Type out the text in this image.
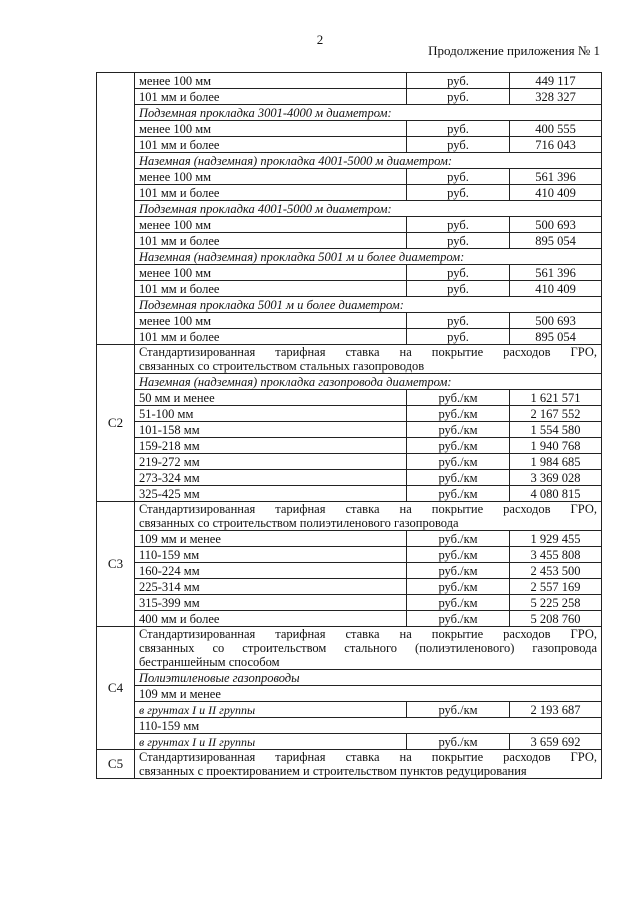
2
Продолжение приложения № 1
	менее 100 мм	руб.	449 117
	101 мм и более	руб.	328 327
	Подземная прокладка 3001-4000 м диаметром:		
	менее 100 мм	руб.	400 555
	101 мм и более	руб.	716 043
	Наземная (надземная) прокладка 4001-5000 м диаметром:		
	менее 100 мм	руб.	561 396
	101 мм и более	руб.	410 409
	Подземная прокладка 4001-5000 м диаметром:		
	менее 100 мм	руб.	500 693
	101 мм и более	руб.	895 054
	Наземная (надземная) прокладка 5001 м и более диаметром:		
	менее 100 мм	руб.	561 396
	101 мм и более	руб.	410 409
	Подземная прокладка 5001 м и более диаметром:		
	менее 100 мм	руб.	500 693
	101 мм и более	руб.	895 054
С2	Стандартизированная тарифная ставка на покрытие расходов ГРО,
связанных со строительством стальных газопроводов		

	Наземная (надземная) прокладка газопровода диаметром:		
	50 мм и менее	руб./км	1 621 571
	51-100 мм	руб./км	2 167 552
	101-158 мм	руб./км	1 554 580
	159-218 мм	руб./км	1 940 768
	219-272 мм	руб./км	1 984 685
	273-324 мм	руб./км	3 369 028
	325-425 мм	руб./км	4 080 815
С3	Стандартизированная тарифная ставка на покрытие расходов ГРО,
связанных со строительством полиэтиленового газопровода		

	109 мм и менее	руб./км	1 929 455
	110-159 мм	руб./км	3 455 808
	160-224 мм	руб./км	2 453 500
	225-314 мм	руб./км	2 557 169
	315-399 мм	руб./км	5 225 258
	400 мм и более	руб./км	5 208 760
С4	Стандартизированная тарифная ставка на покрытие расходов ГРО,
связанных со строительством стального (полиэтиленового) газопровода
бестраншейным способом		

	Полиэтиленовые газопроводы		
	109 мм и менее		
	в грунтах I и II группы	руб./км	2 193 687
	110-159 мм		
	в грунтах I и II группы	руб./км	3 659 692
С5	Стандартизированная тарифная ставка на покрытие расходов ГРО,
связанных с проектированием и строительством пунктов редуцирования		
